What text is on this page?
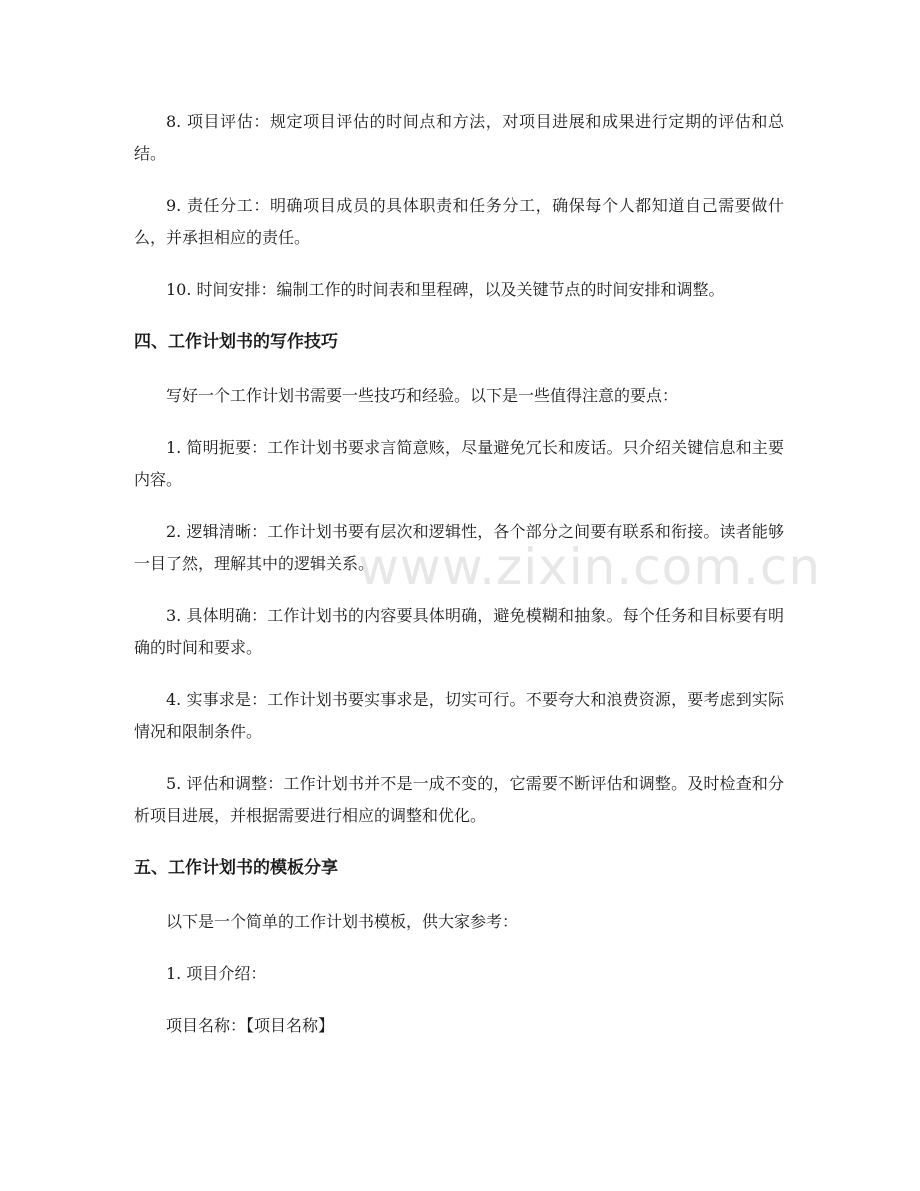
8. 项目评估：规定项目评估的时间点和方法，对项目进展和成果进行定期的评估和总结。

9. 责任分工：明确项目成员的具体职责和任务分工，确保每个人都知道自己需要做什么，并承担相应的责任。

10. 时间安排：编制工作的时间表和里程碑，以及关键节点的时间安排和调整。

四、工作计划书的写作技巧

写好一个工作计划书需要一些技巧和经验。以下是一些值得注意的要点：

1. 简明扼要：工作计划书要求言简意赅，尽量避免冗长和废话。只介绍关键信息和主要内容。

2. 逻辑清晰：工作计划书要有层次和逻辑性，各个部分之间要有联系和衔接。读者能够一目了然，理解其中的逻辑关系。

3. 具体明确：工作计划书的内容要具体明确，避免模糊和抽象。每个任务和目标要有明确的时间和要求。

4. 实事求是：工作计划书要实事求是，切实可行。不要夸大和浪费资源，要考虑到实际情况和限制条件。

5. 评估和调整：工作计划书并不是一成不变的，它需要不断评估和调整。及时检查和分析项目进展，并根据需要进行相应的调整和优化。

五、工作计划书的模板分享

以下是一个简单的工作计划书模板，供大家参考：

1. 项目介绍：

项目名称：【项目名称】

www.zixin.com.cn
